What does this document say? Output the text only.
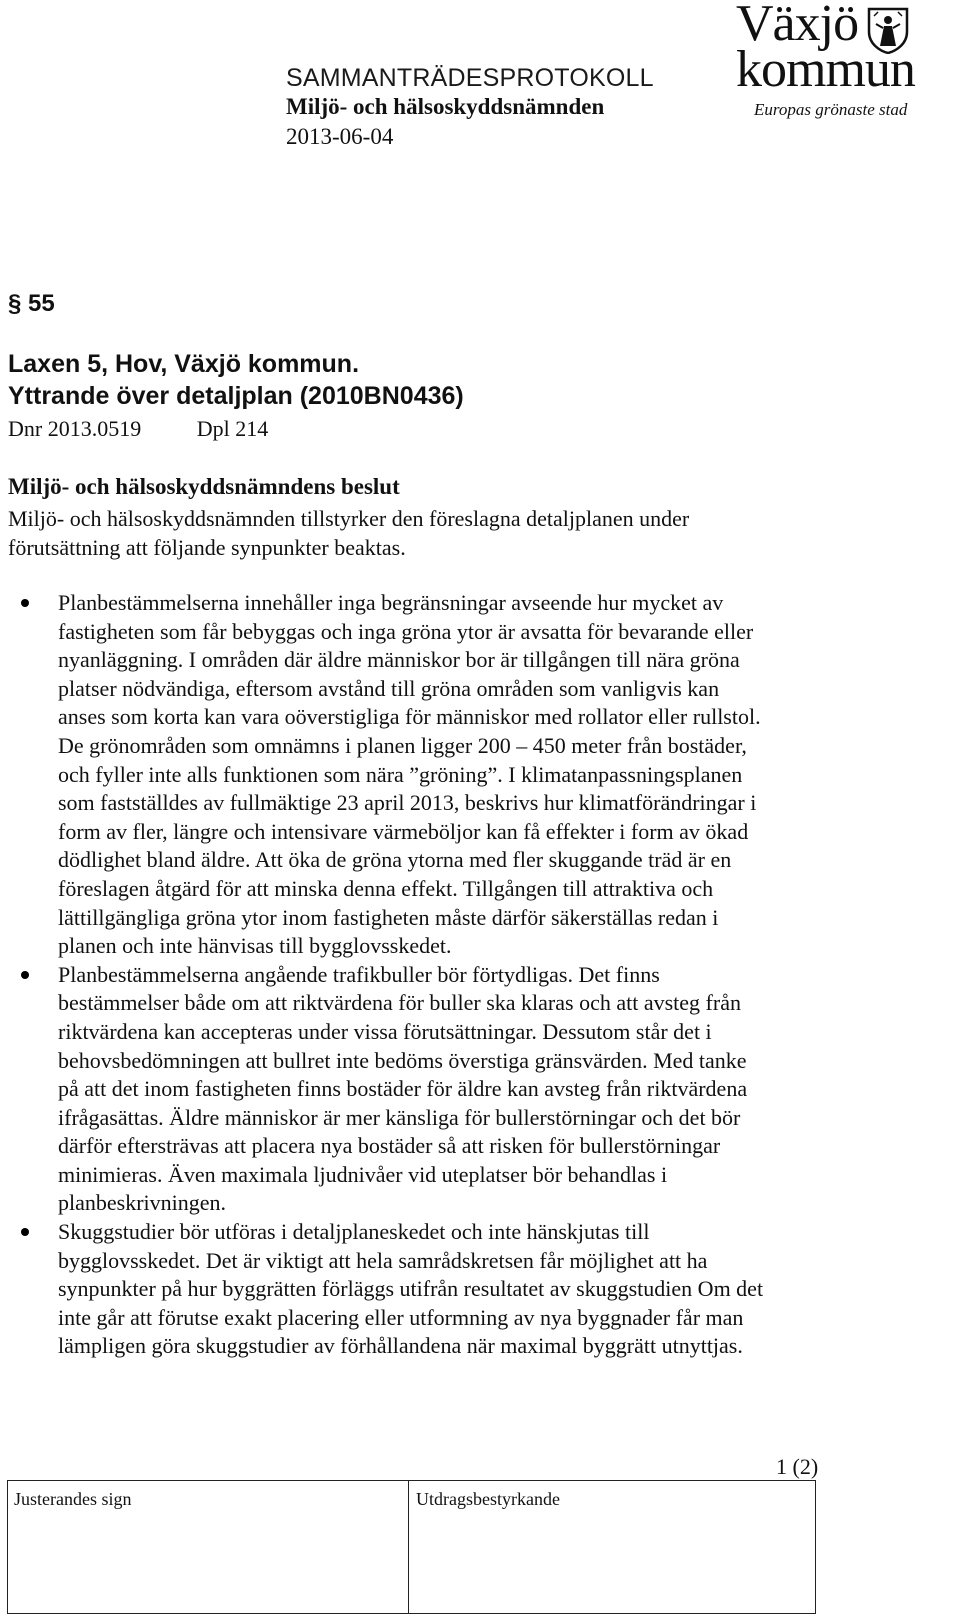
SAMMANTRÄDESPROTOKOLL
Miljö- och hälsoskyddsnämnden
2013-06-04
Växjö
kommun
Europas grönaste stad
§ 55
Laxen 5, Hov, Växjö kommun.
Yttrande över detaljplan (2010BN0436)
Dnr 2013.0519	Dpl 214
Miljö- och hälsoskyddsnämndens beslut
Miljö- och hälsoskyddsnämnden tillstyrker den föreslagna detaljplanen under förutsättning att följande synpunkter beaktas.
Planbestämmelserna innehåller inga begränsningar avseende hur mycket av fastigheten som får bebyggas och inga gröna ytor är avsatta för bevarande eller nyanläggning. I områden där äldre människor bor är tillgången till nära gröna platser nödvändiga, eftersom avstånd till gröna områden som vanligvis kan anses som korta kan vara oöverstigliga för människor med rollator eller rullstol. De grönområden som omnämns i planen ligger 200 – 450 meter från bostäder, och fyller inte alls funktionen som nära ”gröning”. I klimatanpassningsplanen som fastställdes av fullmäktige 23 april 2013, beskrivs hur klimatförändringar i form av fler, längre och intensivare värmeböljor kan få effekter i form av ökad dödlighet bland äldre. Att öka de gröna ytorna med fler skuggande träd är en föreslagen åtgärd för att minska denna effekt. Tillgången till attraktiva och lättillgängliga gröna ytor inom fastigheten måste därför säkerställas redan i planen och inte hänvisas till bygglovsskedet.
Planbestämmelserna angående trafikbuller bör förtydligas. Det finns bestämmelser både om att riktvärdena för buller ska klaras och att avsteg från riktvärdena kan accepteras under vissa förutsättningar. Dessutom står det i behovsbedömningen att bullret inte bedöms överstiga gränsvärden. Med tanke på att det inom fastigheten finns bostäder för äldre kan avsteg från riktvärdena ifrågasättas. Äldre människor är mer känsliga för bullerstörningar och det bör därför eftersträvas att placera nya bostäder så att risken för bullerstörningar minimieras. Även maximala ljudnivåer vid uteplatser bör behandlas i planbeskrivningen.
Skuggstudier bör utföras i detaljplaneskedet och inte hänskjutas till bygglovsskedet. Det är viktigt att hela samrådskretsen får möjlighet att ha synpunkter på hur byggrätten förläggs utifrån resultatet av skuggstudien Om det inte går att förutse exakt placering eller utformning av nya byggnader får man lämpligen göra skuggstudier av förhållandena när maximal byggrätt utnyttjas.
1 (2)
Justerandes sign	Utdragsbestyrkande
